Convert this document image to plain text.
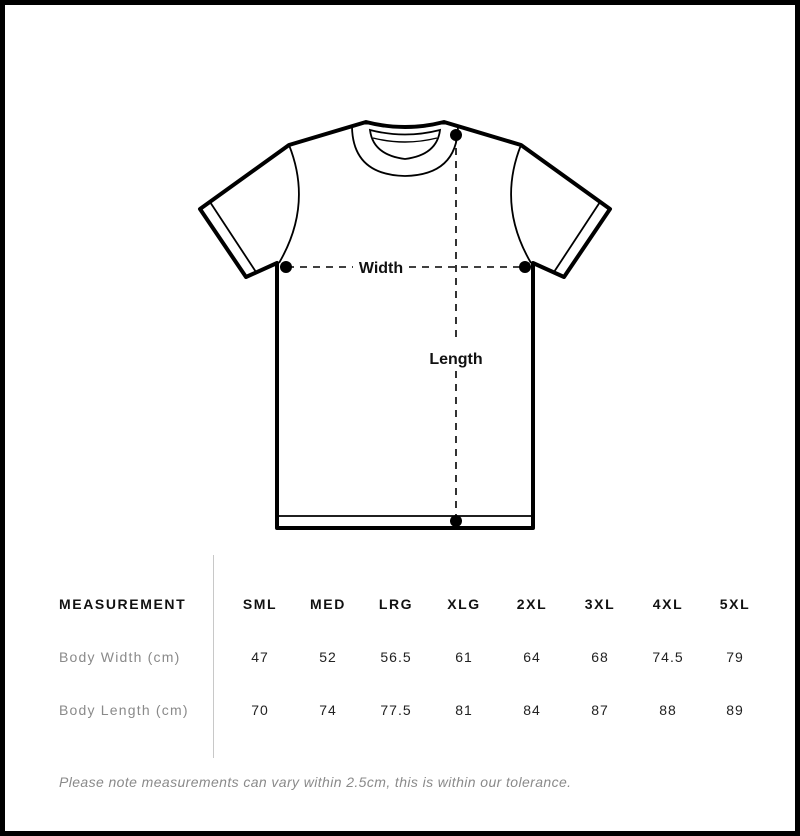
Width
Length
MEASUREMENT	SML	MED	LRG	XLG	2XL	3XL	4XL	5XL
Body Width (cm)	47	52	56.5	61	64	68	74.5	79
Body Length (cm)	70	74	77.5	81	84	87	88	89
Please note measurements can vary within 2.5cm, this is within our tolerance.
